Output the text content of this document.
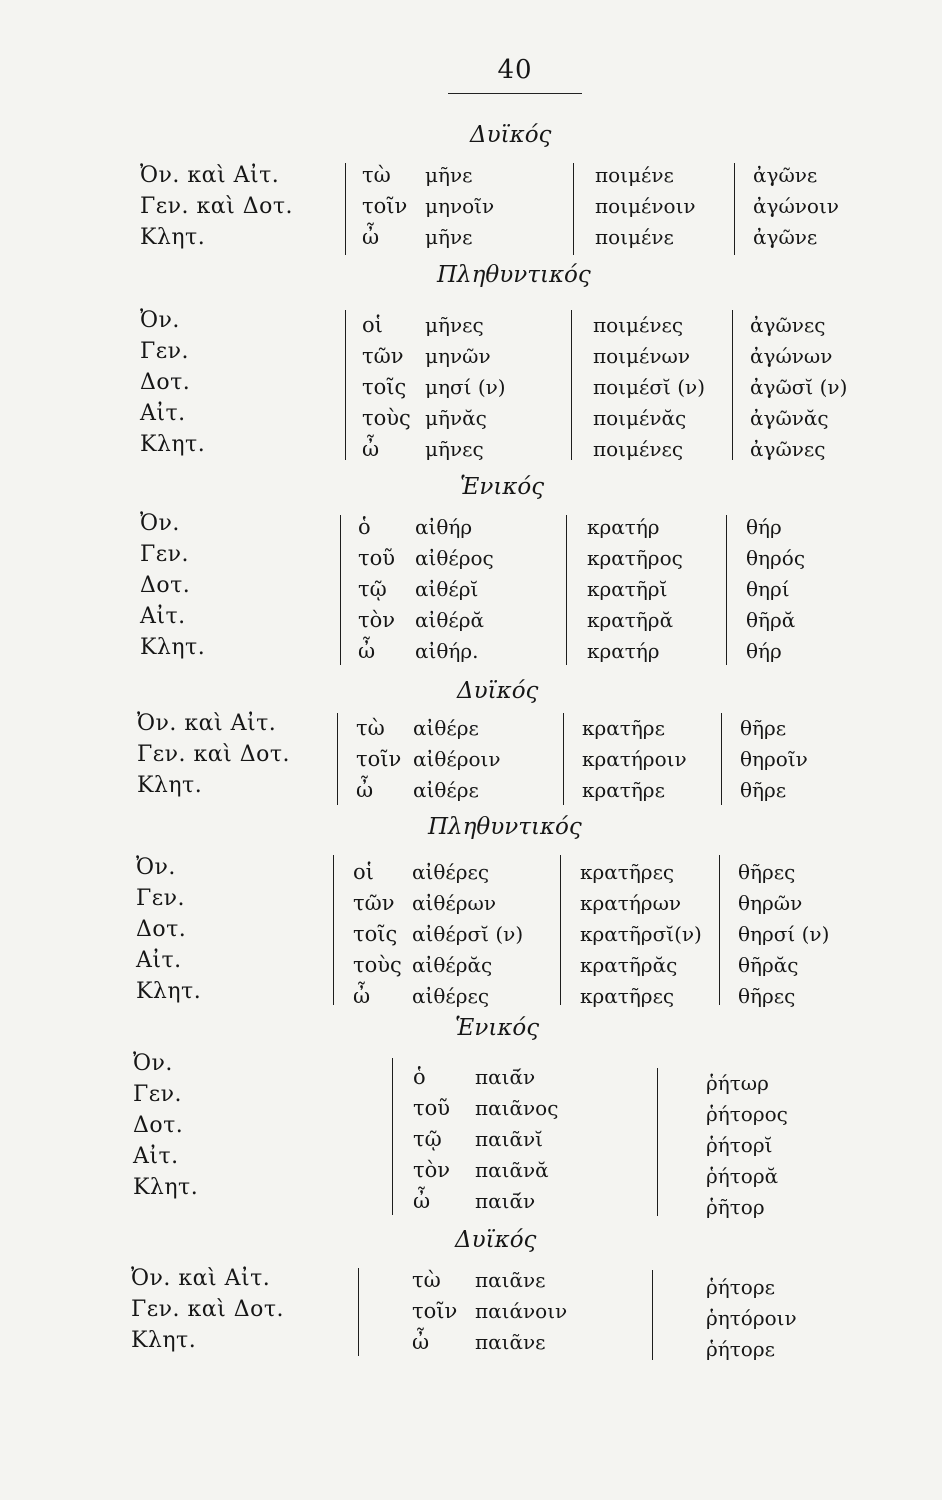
40
Δυϊκός
Ὀν. καὶ Αἰτ.
Γεν. καὶ Δοτ.
Κλητ.
τὼ
τοῖν
ὦ
μῆνε
μηνοῖν
μῆνε
ποιμένε
ποιμένοιν
ποιμένε
ἀγῶνε
ἀγώνοιν
ἀγῶνε
Πληθυντικός
Ὀν.
Γεν.
Δοτ.
Αἰτ.
Κλητ.
οἱ
τῶν
τοῖς
τοὺς
ὦ
μῆνες
μηνῶν
μησί (ν)
μῆνᾰς
μῆνες
ποιμένες
ποιμένων
ποιμέσῐ (ν)
ποιμένᾰς
ποιμένες
ἀγῶνες
ἀγώνων
ἀγῶσῐ (ν)
ἀγῶνᾰς
ἀγῶνες
Ἑνικός
Ὀν.
Γεν.
Δοτ.
Αἰτ.
Κλητ.
ὁ
τοῦ
τῷ
τὸν
ὦ
αἰθήρ
αἰθέρος
αἰθέρῐ
αἰθέρᾰ
αἰθήρ.
κρατήρ
κρατῆρος
κρατῆρῐ
κρατῆρᾰ
κρατήρ
θήρ
θηρός
θηρί
θῆρᾰ
θήρ
Δυϊκός
Ὀν. καὶ Αἰτ.
Γεν. καὶ Δοτ.
Κλητ.
τὼ
τοῖν
ὦ
αἰθέρε
αἰθέροιν
αἰθέρε
κρατῆρε
κρατήροιν
κρατῆρε
θῆρε
θηροῖν
θῆρε
Πληθυντικός
Ὀν.
Γεν.
Δοτ.
Αἰτ.
Κλητ.
οἱ
τῶν
τοῖς
τοὺς
ὦ
αἰθέρες
αἰθέρων
αἰθέρσῐ (ν)
αἰθέρᾰς
αἰθέρες
κρατῆρες
κρατήρων
κρατῆρσῐ(ν)
κρατῆρᾰς
κρατῆρες
θῆρες
θηρῶν
θηρσί (ν)
θῆρᾰς
θῆρες
Ἑνικός
Ὀν.
Γεν.
Δοτ.
Αἰτ.
Κλητ.
ὁ
τοῦ
τῷ
τὸν
ὦ
παιᾱ́ν
παιᾶνος
παιᾶνῐ
παιᾶνᾰ
παιᾱ́ν
ῥήτωρ
ῥήτορος
ῥήτορῐ
ῥήτορᾰ
ῥῆτορ
Δυϊκός
Ὀν. καὶ Αἰτ.
Γεν. καὶ Δοτ.
Κλητ.
τὼ
τοῖν
ὦ
παιᾶνε
παιάνοιν
παιᾶνε
ῥήτορε
ῥητόροιν
ῥήτορε
